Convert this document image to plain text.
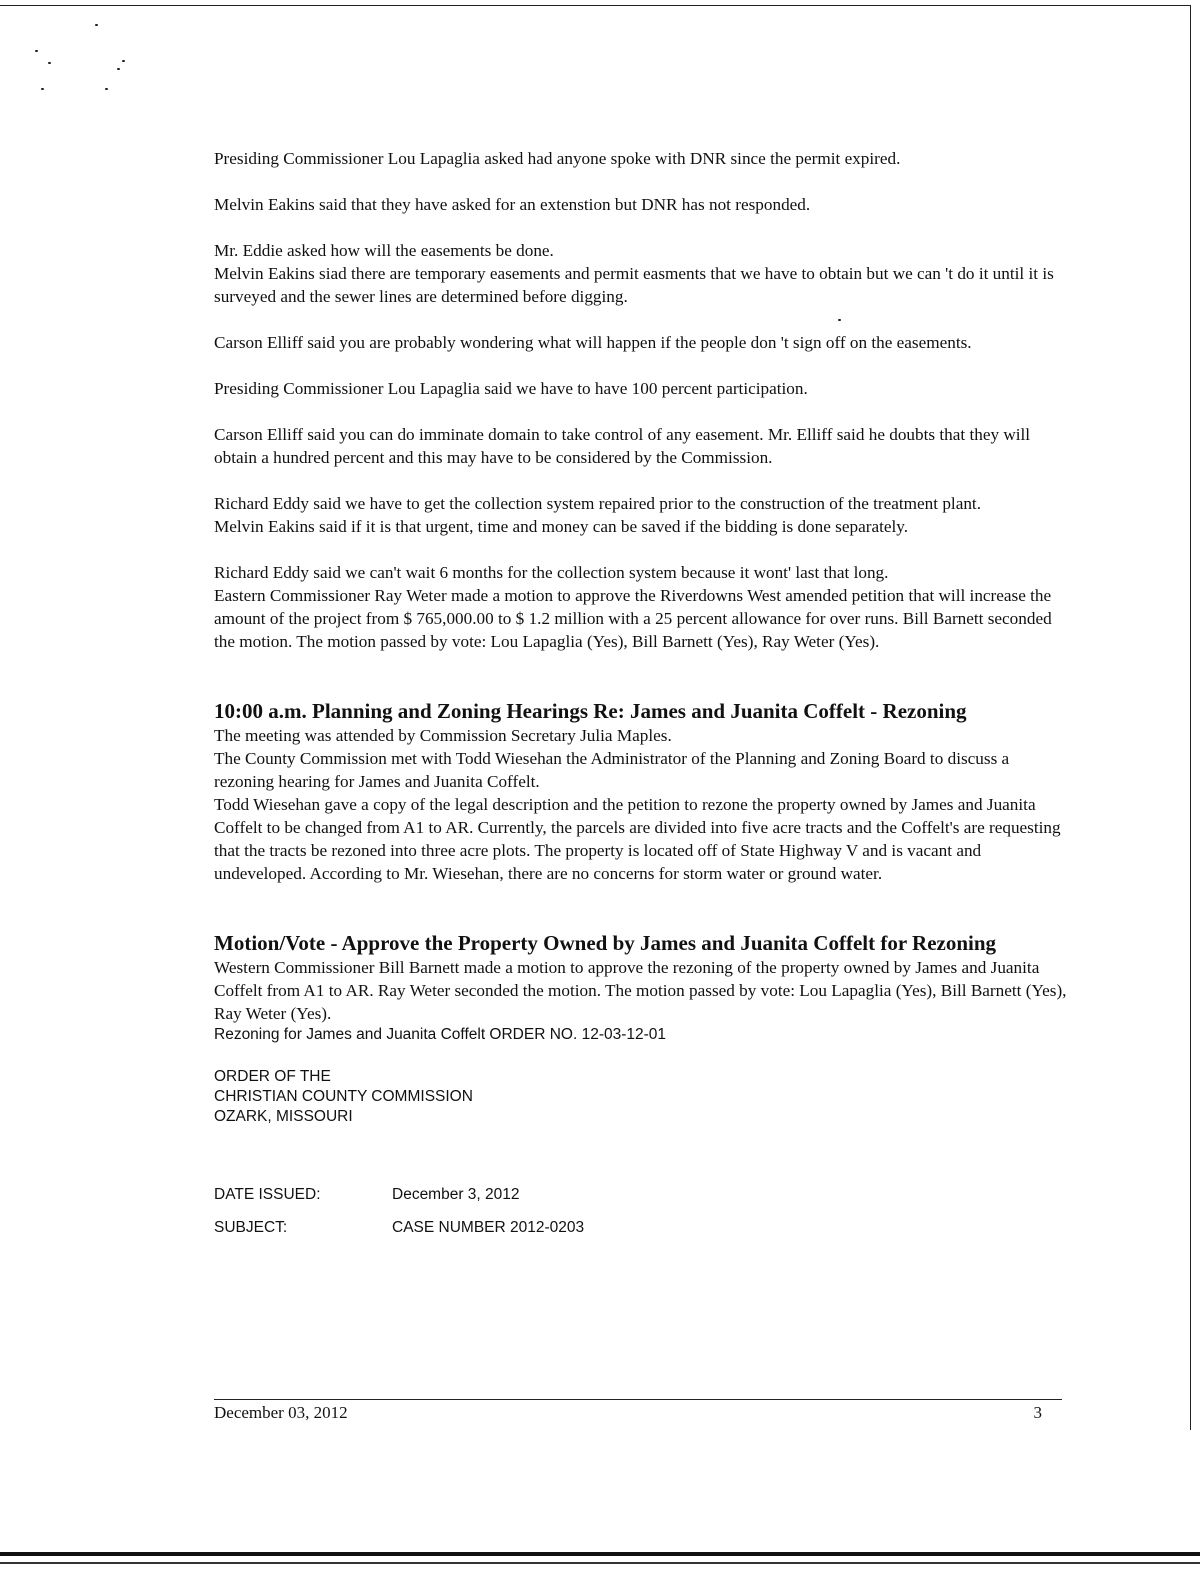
Presiding Commissioner Lou Lapaglia asked had anyone spoke with DNR since the permit expired.

Melvin Eakins said that they have asked for an extenstion but DNR has not responded.

Mr. Eddie asked how will the easements be done.

Melvin Eakins siad there are temporary easements and permit easments that we have to obtain but we can 't do it until it is surveyed and the sewer lines are determined before digging.

Carson Elliff said you are probably wondering what will happen if the people don 't sign off on the easements.

Presiding Commissioner Lou Lapaglia said we have to have 100 percent participation.

Carson Elliff said you can do imminate domain to take control of any easement. Mr. Elliff said he doubts that they will obtain a hundred percent and this may have to be considered by the Commission.

Richard Eddy said we have to get the collection system repaired prior to the construction of the treatment plant.

Melvin Eakins said if it is that urgent, time and money can be saved if the bidding is done separately.

Richard Eddy said we can't wait 6 months for the collection system because it wont' last that long.

Eastern Commissioner Ray Weter made a motion to approve the Riverdowns West amended petition that will increase the amount of the project from $ 765,000.00 to $ 1.2 million with a 25 percent allowance for over runs. Bill Barnett seconded the motion. The motion passed by vote: Lou Lapaglia (Yes), Bill Barnett (Yes), Ray Weter (Yes).

10:00 a.m. Planning and Zoning Hearings Re: James and Juanita Coffelt - Rezoning

The meeting was attended by Commission Secretary Julia Maples.

The County Commission met with Todd Wiesehan the Administrator of the Planning and Zoning Board to discuss a rezoning hearing for James and Juanita Coffelt.

Todd Wiesehan gave a copy of the legal description and the petition to rezone the property owned by James and Juanita Coffelt to be changed from A1 to AR. Currently, the parcels are divided into five acre tracts and the Coffelt's are requesting that the tracts be rezoned into three acre plots. The property is located off of State Highway V and is vacant and undeveloped. According to Mr. Wiesehan, there are no concerns for storm water or ground water.

Motion/Vote - Approve the Property Owned by James and Juanita Coffelt for Rezoning

Western Commissioner Bill Barnett made a motion to approve the rezoning of the property owned by James and Juanita Coffelt from A1 to AR. Ray Weter seconded the motion. The motion passed by vote: Lou Lapaglia (Yes), Bill Barnett (Yes), Ray Weter (Yes).

Rezoning for James and Juanita Coffelt ORDER NO. 12-03-12-01

ORDER OF THE

CHRISTIAN COUNTY COMMISSION

OZARK, MISSOURI

DATE ISSUED:	December 3, 2012
SUBJECT:	CASE NUMBER 2012-0203
December 03, 2012	3
